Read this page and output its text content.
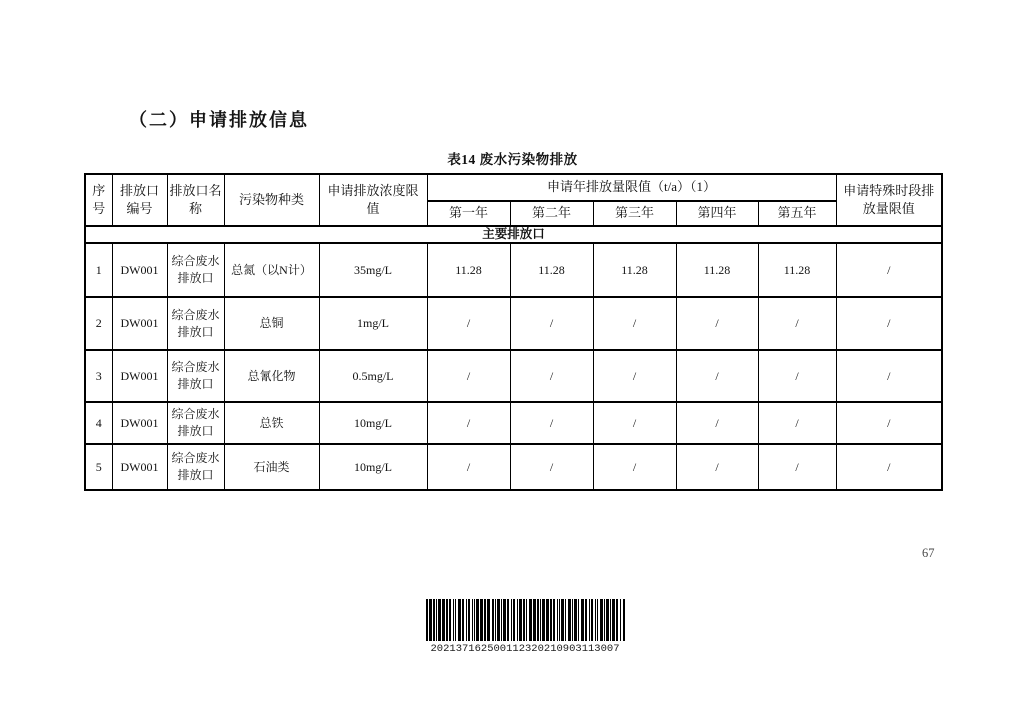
（二）申请排放信息
表14 废水污染物排放
序号	排放口编号	排放口名称	污染物种类	申请排放浓度限值	申请年排放量限值（t/a）（1）					申请特殊时段排放量限值
					第一年	第二年	第三年	第四年	第五年	
主要排放口										
1	DW001	综合废水排放口	总氮（以N计）	35mg/L	11.28	11.28	11.28	11.28	11.28	/
2	DW001	综合废水排放口	总铜	1mg/L	/	/	/	/	/	/
3	DW001	综合废水排放口	总氰化物	0.5mg/L	/	/	/	/	/	/
4	DW001	综合废水排放口	总铁	10mg/L	/	/	/	/	/	/
5	DW001	综合废水排放口	石油类	10mg/L	/	/	/	/	/	/
67
202137162500112320210903113007
